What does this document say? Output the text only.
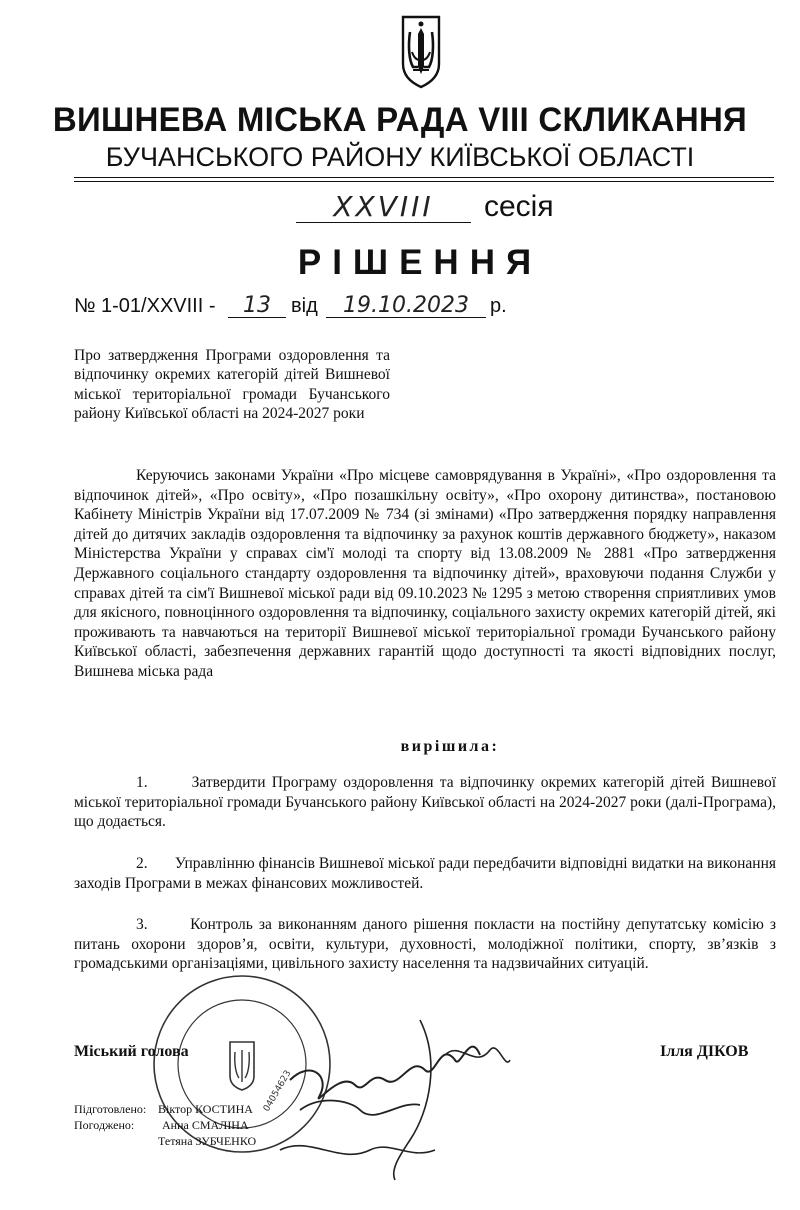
ВИШНЕВА МІСЬКА РАДА VIII СКЛИКАННЯ
БУЧАНСЬКОГО РАЙОНУ КИЇВСЬКОЇ ОБЛАСТІ
XXVIII	сесія
РІШЕННЯ
№ 1-01/XXVIII -	13	від	19.10.2023	р.
Про затвердження Програми оздоровлення та відпочинку окремих категорій дітей Вишневої міської територіальної громади Бучанського району Київської області на 2024-2027 роки
Керуючись законами України «Про місцеве самоврядування в Україні», «Про оздоровлення та відпочинок дітей», «Про освіту», «Про позашкільну освіту», «Про охорону дитинства», постановою Кабінету Міністрів України від 17.07.2009 № 734 (зі змінами) «Про затвердження порядку направлення дітей до дитячих закладів оздоровлення та відпочинку за рахунок коштів державного бюджету», наказом Міністерства України у справах сім'ї молоді та спорту від 13.08.2009 № 2881 «Про затвердження Державного соціального стандарту оздоровлення та відпочинку дітей», враховуючи подання Служби у справах дітей та сім'ї Вишневої міської ради від 09.10.2023 № 1295 з метою створення сприятливих умов для якісного, повноцінного оздоровлення та відпочинку, соціального захисту окремих категорій дітей, які проживають та навчаються на території Вишневої міської територіальної громади Бучанського району Київської області, забезпечення державних гарантій щодо доступності та якості відповідних послуг, Вишнева міська рада
вирішила:
1.	Затвердити Програму оздоровлення та відпочинку окремих категорій дітей Вишневої міської територіальної громади Бучанського району Київської області на 2024-2027 роки (далі-Програма), що додається.
2. Управлінню фінансів Вишневої міської ради передбачити відповідні видатки на виконання заходів Програми в межах фінансових можливостей.
3.	Контроль за виконанням даного рішення покласти на постійну депутатську комісію з питань охорони здоров’я, освіти, культури, духовності, молодіжної політики, спорту, зв’язків з громадськими організаціями, цивільного захисту населення та надзвичайних ситуацій.
04054623
Міський голова	Ілля ДІКОВ
Підготовлено: Віктор КОСТИНА
Погоджено: Анна СМАЛІНА
Тетяна ЗУБЧЕНКО
